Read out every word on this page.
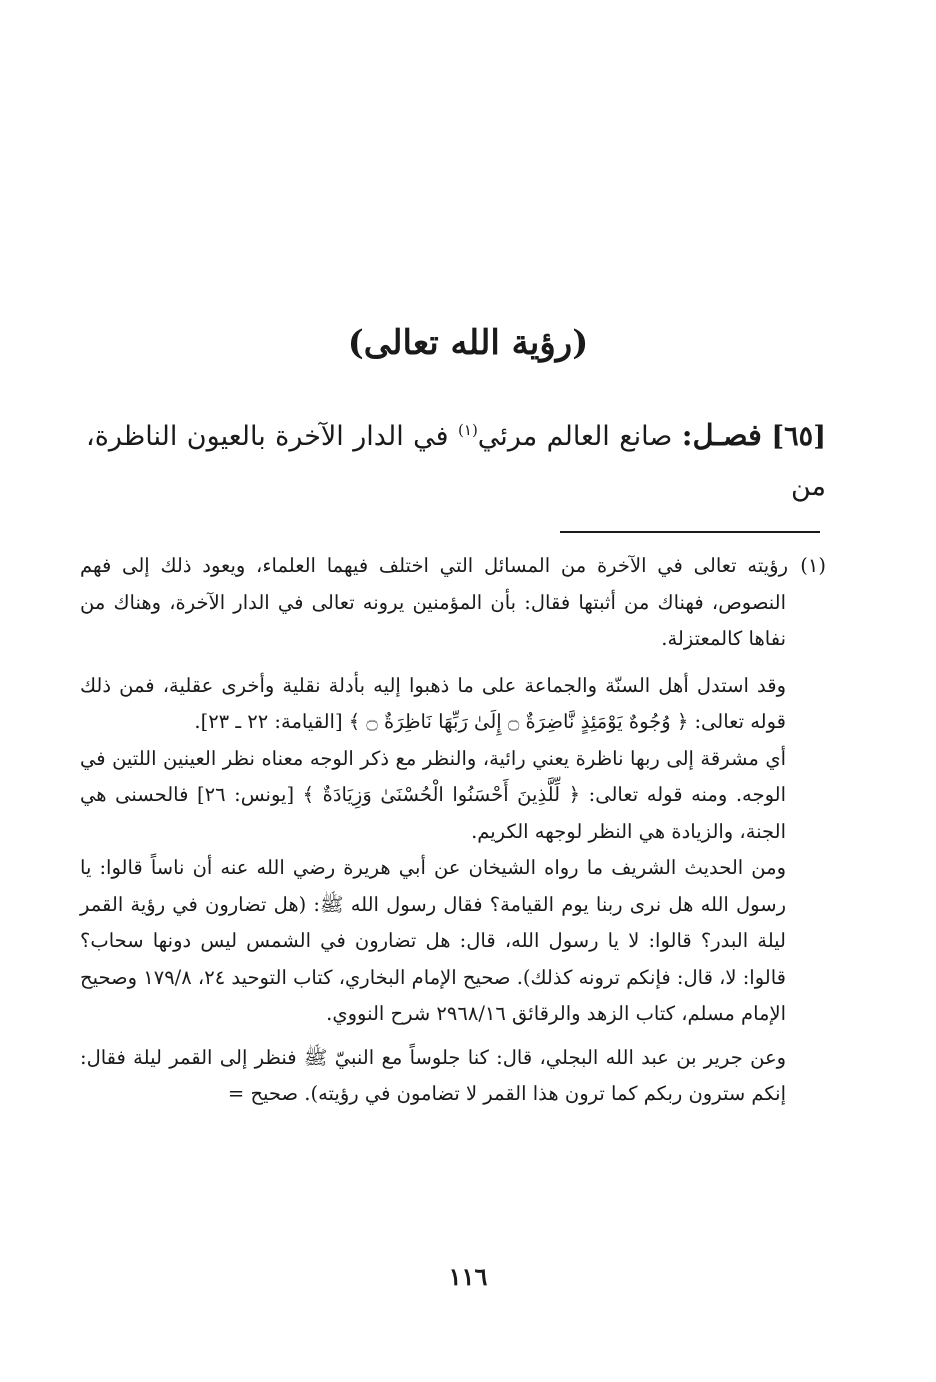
(رؤية الله تعالى)

[٦٥] فصـل: صانع العالم مرئي$^{(١)}$ في الدار الآخرة بالعيون الناظرة، من

(١)رؤيته تعالى في الآخرة من المسائل التي اختلف فيهما العلماء، ويعود ذلك إلى فهم النصوص، فهناك من أثبتها فقال: بأن المؤمنين يرونه تعالى في الدار الآخرة، وهناك من نفاها كالمعتزلة.

وقد استدل أهل السنّة والجماعة على ما ذهبوا إليه بأدلة نقلية وأخرى عقلية، فمن ذلك قوله تعالى: ﴿ وُجُوهٌ يَوْمَئِذٍ نَّاضِرَةٌ ۝ إِلَىٰ رَبِّهَا نَاظِرَةٌ ۝ ﴾ [القيامة: ٢٢ ـ ٢٣].

أي مشرقة إلى ربها ناظرة يعني رائية، والنظر مع ذكر الوجه معناه نظر العينين اللتين في الوجه. ومنه قوله تعالى: ﴿ لِّلَّذِينَ أَحْسَنُوا الْحُسْنَىٰ وَزِيَادَةٌ ﴾ [يونس: ٢٦] فالحسنى هي الجنة، والزيادة هي النظر لوجهه الكريم.

ومن الحديث الشريف ما رواه الشيخان عن أبي هريرة رضي الله عنه أن ناساً قالوا: يا رسول الله هل نرى ربنا يوم القيامة؟ فقال رسول الله ﷺ: (هل تضارون في رؤية القمر ليلة البدر؟ قالوا: لا يا رسول الله، قال: هل تضارون في الشمس ليس دونها سحاب؟ قالوا: لا، قال: فإنكم ترونه كذلك). صحيح الإمام البخاري، كتاب التوحيد ٢٤، ١٧٩/٨ وصحيح الإمام مسلم، كتاب الزهد والرقائق ٢٩٦٨/١٦ شرح النووي.

وعن جرير بن عبد الله البجلي، قال: كنا جلوساً مع النبيّ ﷺ فنظر إلى القمر ليلة فقال: إنكم سترون ربكم كما ترون هذا القمر لا تضامون في رؤيته). صحيح =

١١٦
